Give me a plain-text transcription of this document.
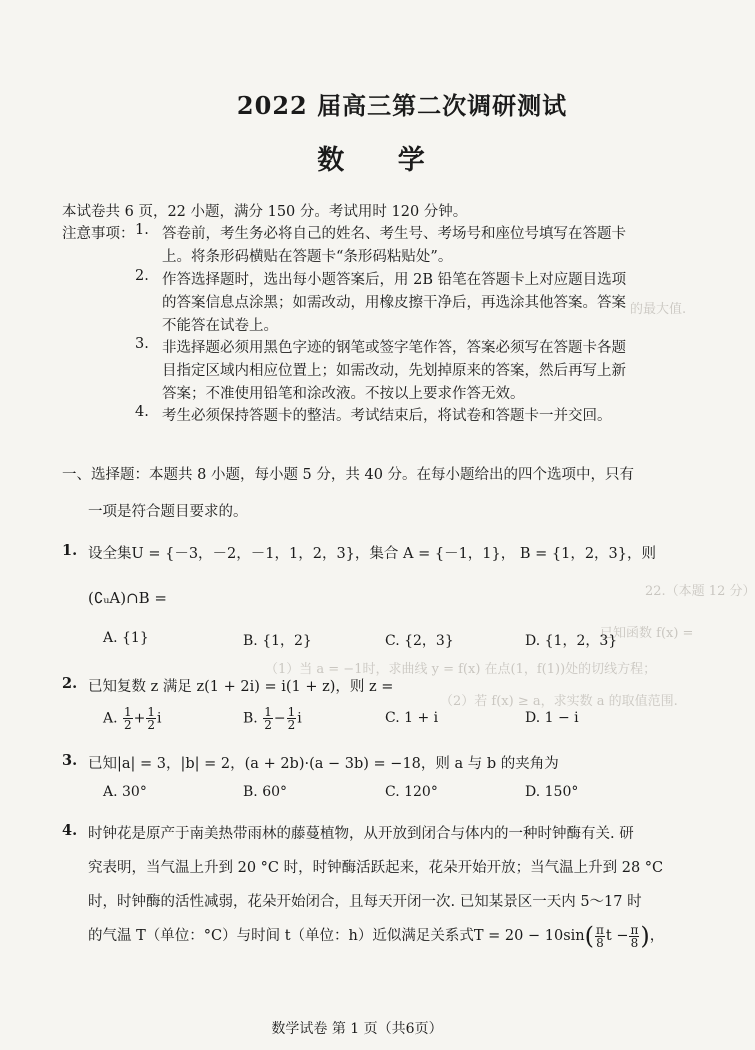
22.（本题 12 分）
已知函数 f(x) =
（1）当 a = −1时，求曲线 y = f(x) 在点(1，f(1))处的切线方程；
（2）若 f(x) ≥ a，求实数 a 的取值范围.
的最大值.
2022 届高三第二次调研测试
数 学
本试卷共 6 页，22 小题，满分 150 分。考试用时 120 分钟。
注意事项： 1. 答卷前，考生务必将自己的姓名、考生号、考场号和座位号填写在答题卡
上。将条形码横贴在答题卡“条形码粘贴处”。
2. 作答选择题时，选出每小题答案后，用 2B 铅笔在答题卡上对应题目选项
的答案信息点涂黑；如需改动，用橡皮擦干净后，再选涂其他答案。答案
不能答在试卷上。
3. 非选择题必须用黑色字迹的钢笔或签字笔作答，答案必须写在答题卡各题
目指定区域内相应位置上；如需改动，先划掉原来的答案，然后再写上新
答案；不准使用铅笔和涂改液。不按以上要求作答无效。
4. 考生必须保持答题卡的整洁。考试结束后，将试卷和答题卡一并交回。
一、选择题：本题共 8 小题，每小题 5 分，共 40 分。在每小题给出的四个选项中，只有
一项是符合题目要求的。
1. 设全集U = {－3，－2，－1，1，2，3}，集合 A = {－1，1}， B = {1，2，3}，则
(∁ᵤA)∩B =
A. {1}	B. {1，2}	C. {2，3}	D. {1，2，3}
2. 已知复数 z 满足 z(1 + 2i) = i(1 + z)，则 z =
A. $\frac{1}{2} + \frac{1}{2}$ i	B. $\frac{1}{2} - \frac{1}{2}$ i	C. 1 + i	D. 1 − i
3. 已知|a| = 3，|b| = 2，(a + 2b)·(a − 3b) = −18，则 a 与 b 的夹角为
A. 30°	B. 60°	C. 120°	D. 150°
4. 时钟花是原产于南美热带雨林的藤蔓植物，从开放到闭合与体内的一种时钟酶有关. 研
究表明，当气温上升到 20 °C 时，时钟酶活跃起来，花朵开始开放；当气温上升到 28 °C
时，时钟酶的活性减弱，花朵开始闭合，且每天开闭一次. 已知某景区一天内 5～17 时
的气温 T（单位：°C）与时间 t（单位：h）近似满足关系式$T = 20 - 10\sin( \frac{\pi}{8}$ $t - \frac{\pi}{8}$ )，
数学试卷 第 1 页（共6页）
